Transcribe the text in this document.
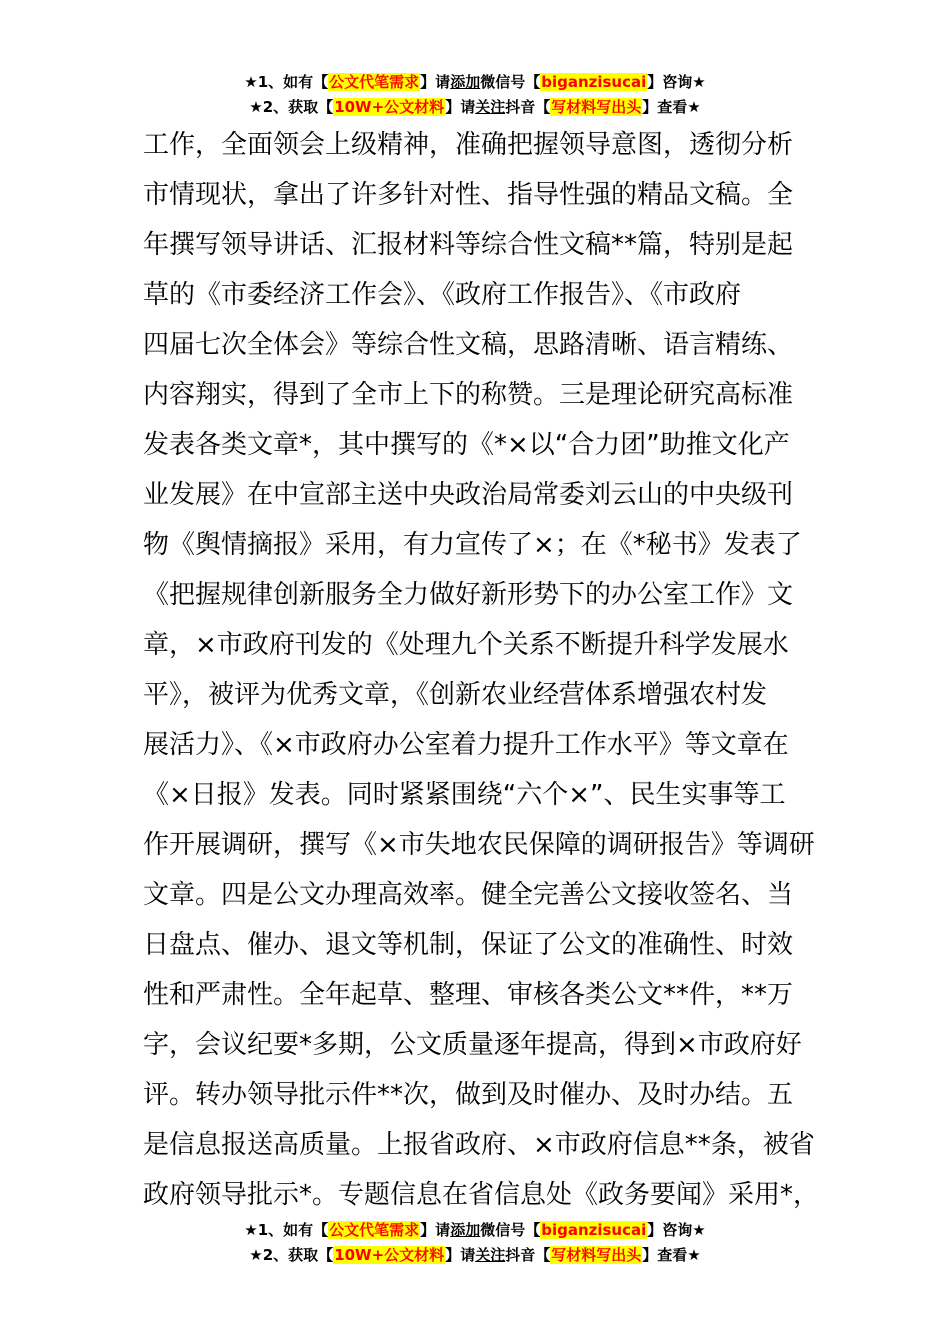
★1、如有【公文代笔需求】请添加微信号【biganzisucai】咨询★
★2、获取【10W+公文材料】请关注抖音【写材料写出头】查看★
工作，全面领会上级精神，准确把握领导意图，透彻分析
市情现状，拿出了许多针对性、指导性强的精品文稿。全
年撰写领导讲话、汇报材料等综合性文稿**篇，特别是起
草的《市委经济工作会》、《政府工作报告》、《市政府
四届七次全体会》等综合性文稿，思路清晰、语言精练、
内容翔实，得到了全市上下的称赞。三是理论研究高标准
发表各类文章*，其中撰写的《*×以“合力团”助推文化产
业发展》在中宣部主送中央政治局常委刘云山的中央级刊
物《舆情摘报》采用，有力宣传了×；在《*秘书》发表了
《把握规律创新服务全力做好新形势下的办公室工作》文
章，×市政府刊发的《处理九个关系不断提升科学发展水
平》，被评为优秀文章，《创新农业经营体系增强农村发
展活力》、《×市政府办公室着力提升工作水平》等文章在
《×日报》发表。同时紧紧围绕“六个×”、民生实事等工
作开展调研，撰写《×市失地农民保障的调研报告》等调研
文章。四是公文办理高效率。健全完善公文接收签名、当
日盘点、催办、退文等机制，保证了公文的准确性、时效
性和严肃性。全年起草、整理、审核各类公文**件，**万
字，会议纪要*多期，公文质量逐年提高，得到×市政府好
评。转办领导批示件**次，做到及时催办、及时办结。五
是信息报送高质量。上报省政府、×市政府信息**条，被省
政府领导批示*。专题信息在省信息处《政务要闻》采用*，
★1、如有【公文代笔需求】请添加微信号【biganzisucai】咨询★
★2、获取【10W+公文材料】请关注抖音【写材料写出头】查看★
